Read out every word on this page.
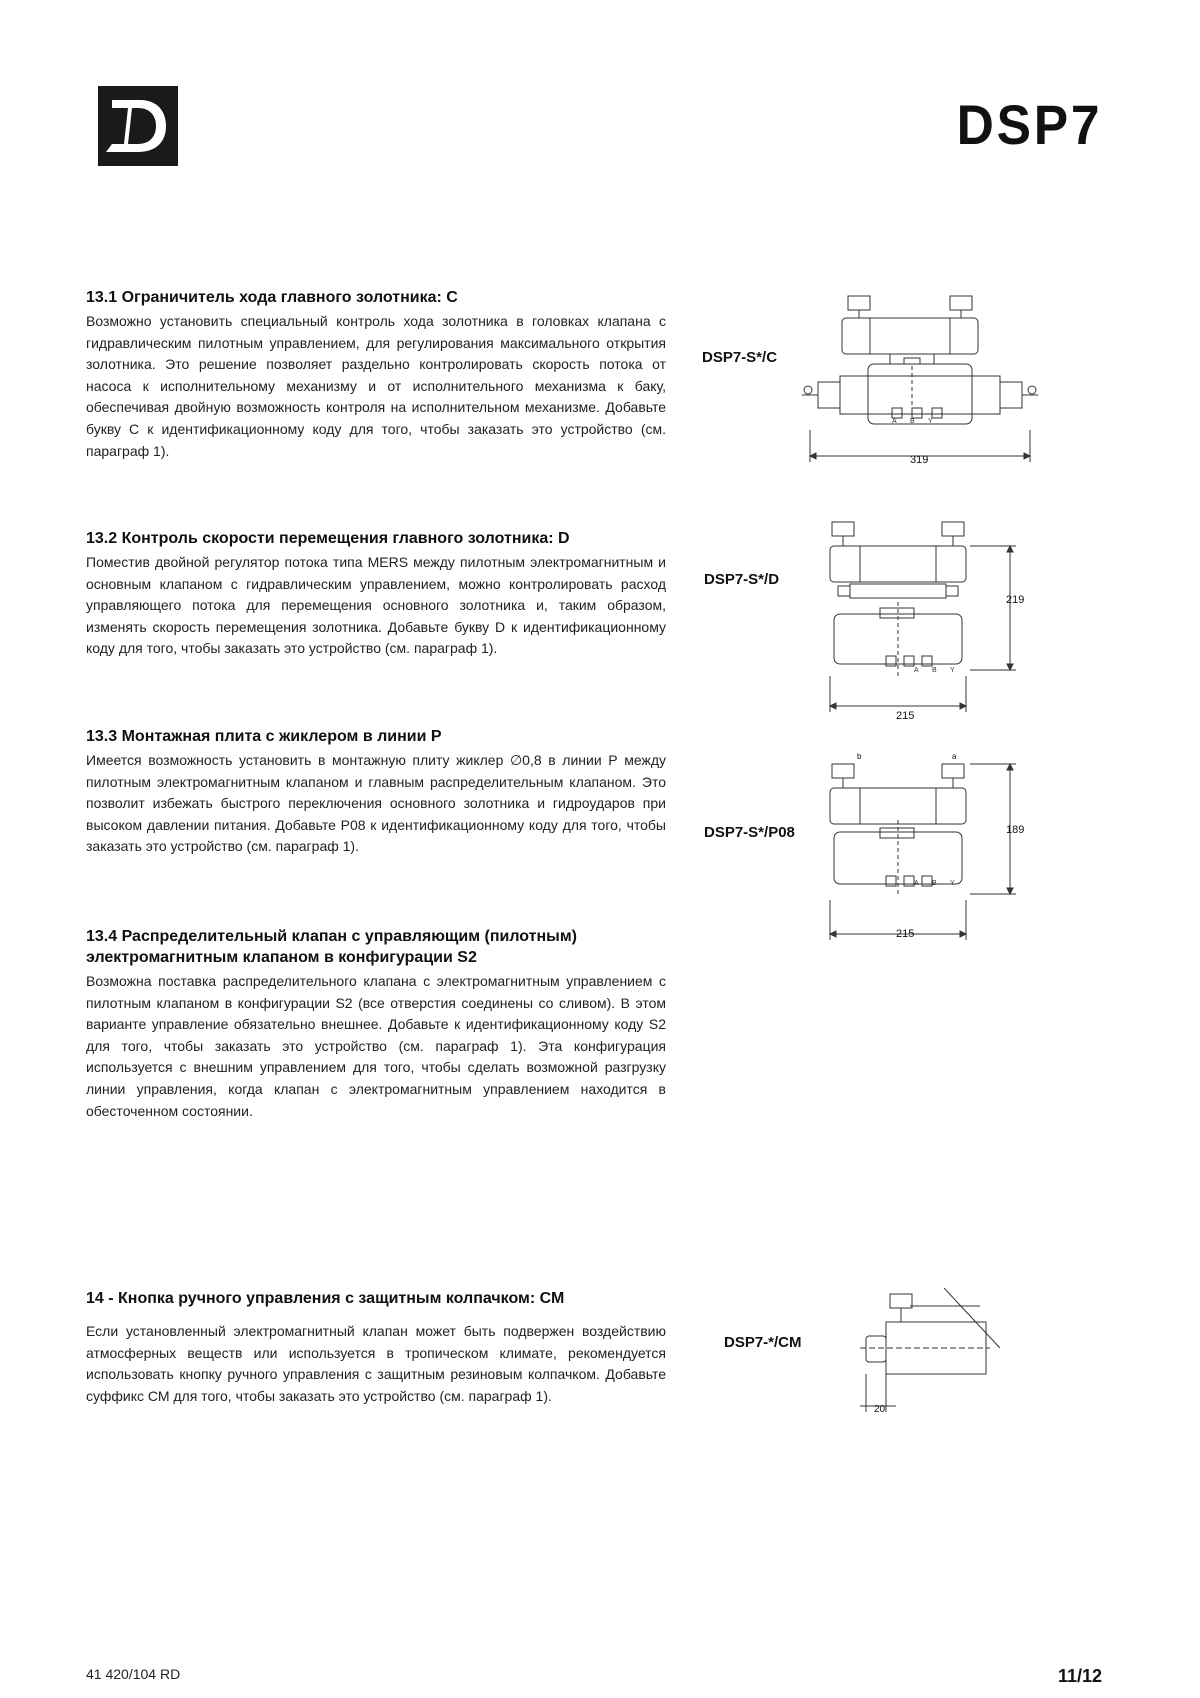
DSP7
13.1 Ограничитель хода главного золотника: С

Возможно установить специальный контроль хода золотника в головках клапана с гидравлическим пилотным управлением, для регулирования максимального открытия золотника. Это решение позволяет раздельно контролировать скорость потока от насоса к исполнительному механизму и от исполнительного механизма к баку, обеспечивая двойную возможность контроля на исполнительном механизме. Добавьте букву С к идентификационному коду для того, чтобы заказать это устройство (см. параграф 1).

13.2 Контроль скорости перемещения главного золотника: D

Поместив двойной регулятор потока типа MERS между пилотным электромагнитным и основным клапаном с гидравлическим управлением, можно контролировать расход управляющего потока для перемещения основного золотника и, таким образом, изменять скорость перемещения золотника. Добавьте букву D к идентификационному коду для того, чтобы заказать это устройство (см. параграф 1).

13.3 Монтажная плита с жиклером в линии Р

Имеется возможность установить в монтажную плиту жиклер ∅0,8 в линии Р между пилотным электромагнитным клапаном и главным распределительным клапаном. Это позволит избежать быстрого переключения основного золотника и гидроударов при высоком давлении питания. Добавьте Р08 к идентификационному коду для того, чтобы заказать это устройство (см. параграф 1).

13.4 Распределительный клапан с управляющим (пилотным) электромагнитным клапаном в конфигурации S2

Возможна поставка распределительного клапана с электромагнитным управлением с пилотным клапаном в конфигурации S2 (все отверстия соединены со сливом). В этом варианте управление обязательно внешнее. Добавьте к идентификационному коду S2 для того, чтобы заказать это устройство (см. параграф 1). Эта конфигурация используется с внешним управлением для того, чтобы сделать возможной разгрузку линии управления, когда клапан с электромагнитным управлением находится в обесточенном состоянии.

14 - Кнопка ручного управления с защитным колпачком: СМ

Если установленный электромагнитный клапан может быть подвержен воздействию атмосферных веществ или используется в тропическом климате, рекомендуется использовать кнопку ручного управления с защитным резиновым колпачком. Добавьте суффикс СМ для того, чтобы заказать это устройство (см. параграф 1).

DSP7-S*/C
DSP7-S*/D
DSP7-S*/P08
DSP7-*/CM
319
219
215
b	a
189
215
20
41 420/104 RD	11/12
A B Y
A B Y
A B Y
